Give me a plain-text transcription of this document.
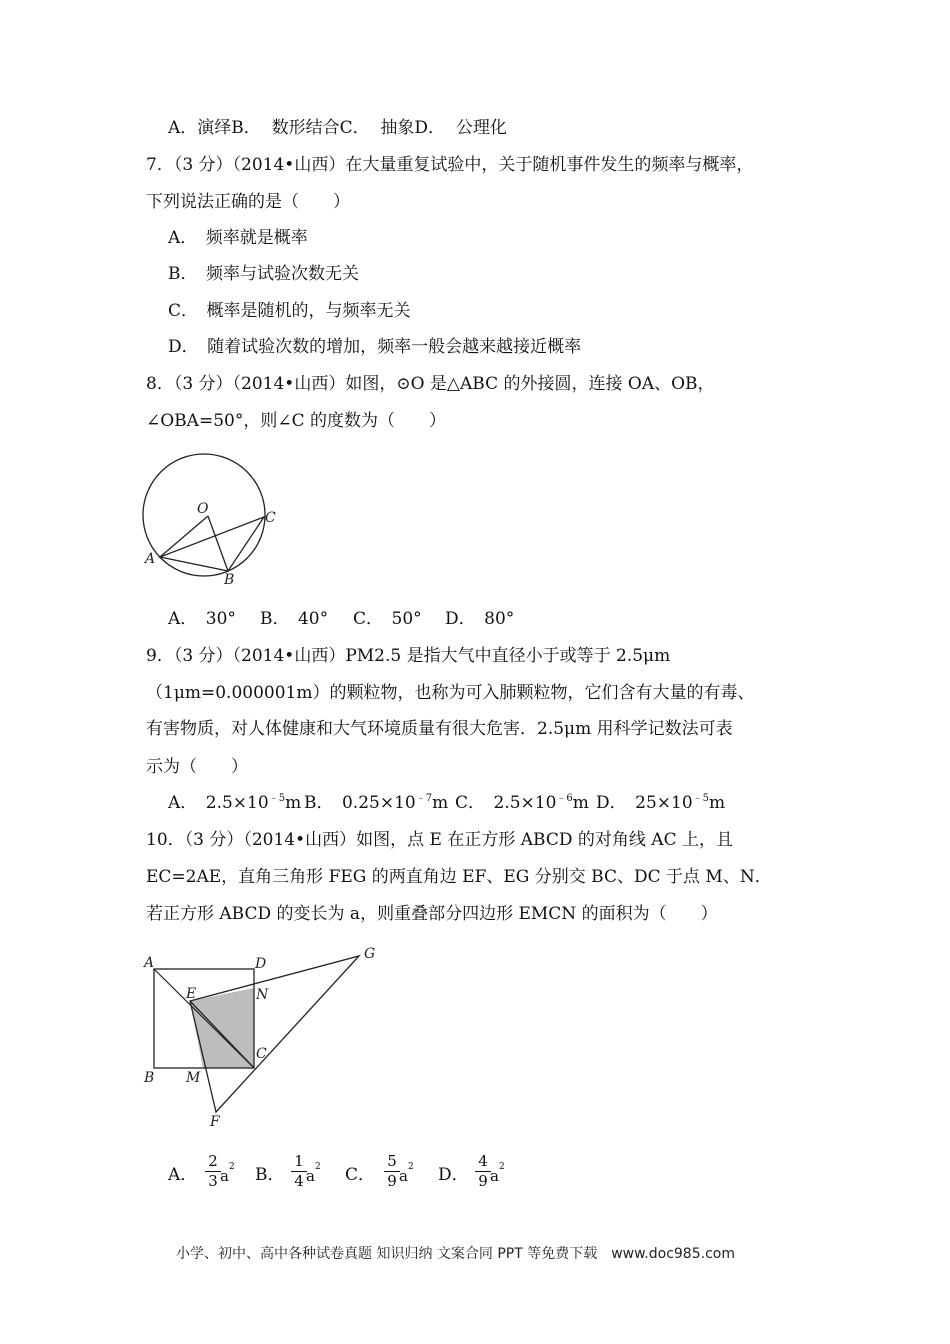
A．演绎B． 数形结合C． 抽象D． 公理化
7．（3 分）（2014•山西）在大量重复试验中，关于随机事件发生的频率与概率，
下列说法正确的是（　　）
A．　频率就是概率
B．　频率与试验次数无关
C．　概率是随机的，与频率无关
D．　随着试验次数的增加，频率一般会越来越接近概率
8．（3 分）（2014•山西）如图，⊙O 是△ABC 的外接圆，连接 OA、OB，
∠OBA=50°，则∠C 的度数为（　　）
O
A
B
C
A．　30° B．　40° C．　50° D．　80°
9．（3 分）（2014•山西）PM2.5 是指大气中直径小于或等于 2.5μm
（1μm=0.000001m）的颗粒物，也称为可入肺颗粒物，它们含有大量的有毒、
有害物质，对人体健康和大气环境质量有很大危害．2.5μm 用科学记数法可表
示为（　　）
A．　$2.5\times 10^{﹣5}m$ B．　$0.25\times 10^{﹣7}m$ C．　$2.5\times 10^{﹣6}m$ D．　$25\times 10^{﹣5}m$
10．（3 分）（2014•山西）如图，点 E 在正方形 ABCD 的对角线 AC 上，且
EC=2AE，直角三角形 FEG 的两直角边 EF、EG 分别交 BC、DC 于点 M、N．
若正方形 ABCD 的变长为 a，则重叠部分四边形 EMCN 的面积为（　　）
A	D
G
E	N
C
B M
F
A． $\frac{2}{3} a^2$ B． $\frac{1}{4} a^2$ C． $\frac{5}{9} a^2$ D． $\frac{4}{9} a^2$
小学、初中、高中各种试卷真题 知识归纳 文案合同 PPT 等免费下载　www.doc985.com
